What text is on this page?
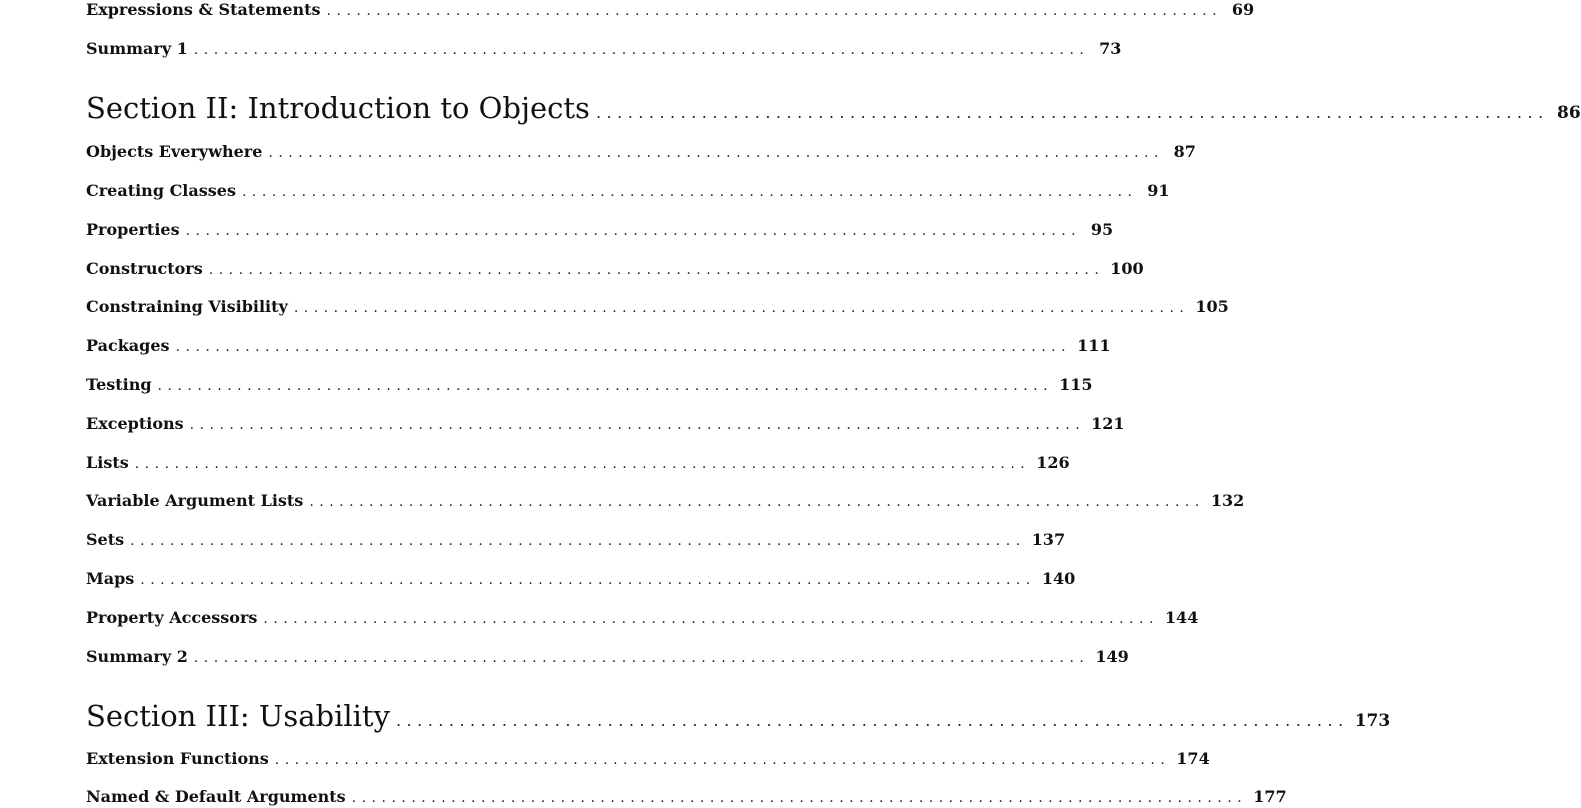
Expressions & Statements .......................................................................................... 69
Summary 1 .......................................................................................... 73
Section II: Introduction to Objects .......................................................................................... 86
Objects Everywhere .......................................................................................... 87
Creating Classes .......................................................................................... 91
Properties .......................................................................................... 95
Constructors .......................................................................................... 100
Constraining Visibility .......................................................................................... 105
Packages .......................................................................................... 111
Testing .......................................................................................... 115
Exceptions .......................................................................................... 121
Lists .......................................................................................... 126
Variable Argument Lists .......................................................................................... 132
Sets .......................................................................................... 137
Maps .......................................................................................... 140
Property Accessors .......................................................................................... 144
Summary 2 .......................................................................................... 149
Section III: Usability .......................................................................................... 173
Extension Functions .......................................................................................... 174
Named & Default Arguments .......................................................................................... 177
